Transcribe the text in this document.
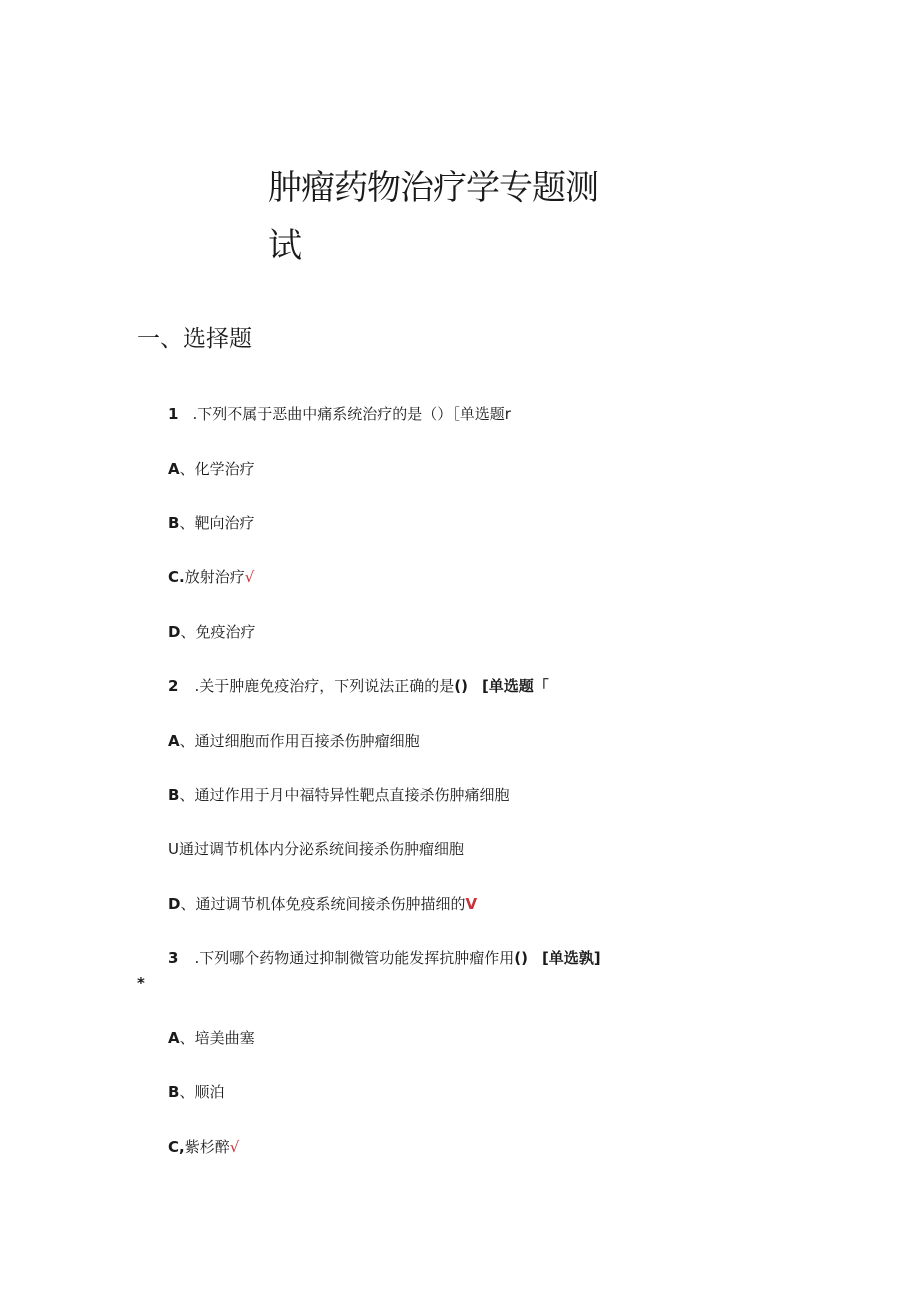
肿瘤药物治疗学专题测
试
一、选择题
1 .下列不属于恶曲中痛系统治疗的是（）［单选题r
A、化学治疗
B、靶向治疗
C.放射治疗√
D、免疫治疗
2 .关于肿鹿免疫治疗，下列说法正确的是() [单选题「
A、通过细胞而作用百接杀伤肿瘤细胞
B、通过作用于月中福特异性靶点直接杀伤肿痛细胞
U通过调节机体内分泌系统间接杀伤肿瘤细胞
D、通过调节机体免疫系统间接杀伤肿描细的V
3 .下列哪个药物通过抑制微管功能发挥抗肿瘤作用() [单选孰]
*
A、培美曲塞
B、顺泊
C,紫杉醉√
